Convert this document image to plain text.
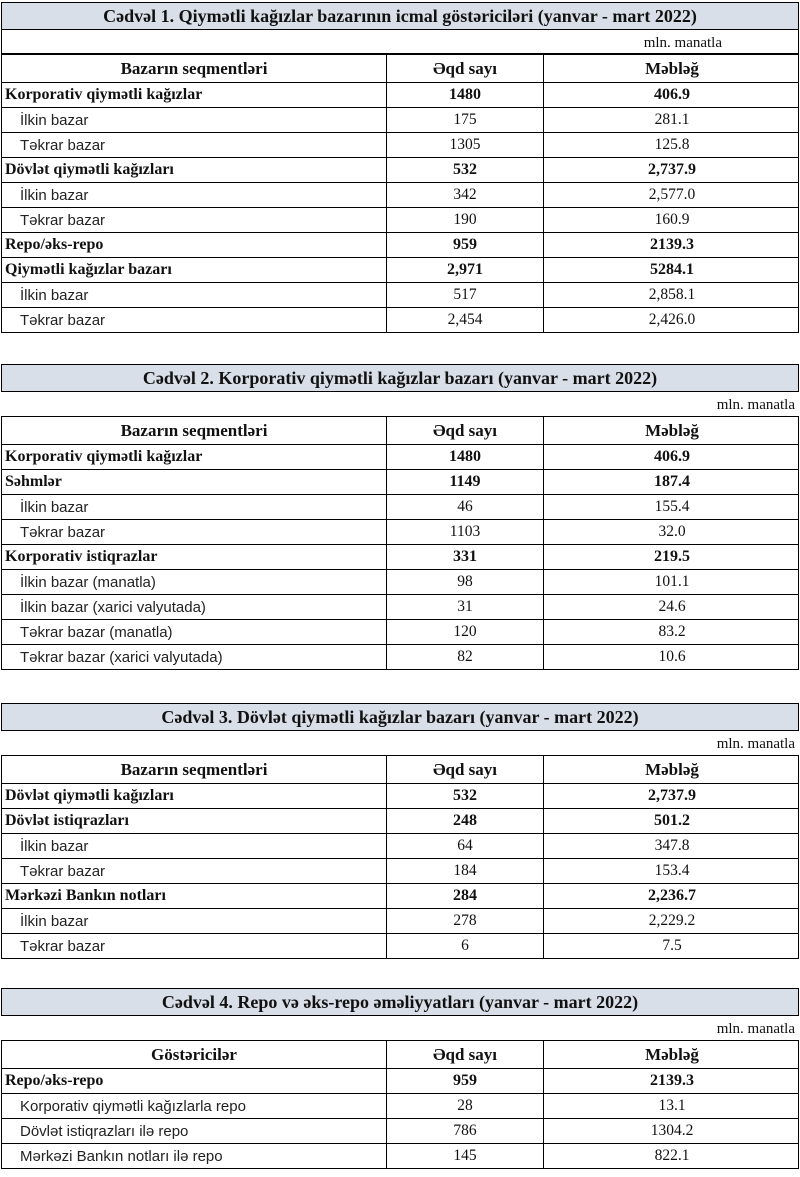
Cədvəl 1. Qiymətli kağızlar bazarının icmal göstəriciləri (yanvar - mart 2022)
mln. manatla
Bazarın seqmentləri	Əqd sayı	Məbləğ
Korporativ qiymətli kağızlar	1480	406.9
İlkin bazar	175	281.1
Təkrar bazar	1305	125.8
Dövlət qiymətli kağızları	532	2,737.9
İlkin bazar	342	2,577.0
Təkrar bazar	190	160.9
Repo/əks-repo	959	2139.3
Qiymətli kağızlar bazarı	2,971	5284.1
İlkin bazar	517	2,858.1
Təkrar bazar	2,454	2,426.0
Cədvəl 2. Korporativ qiymətli kağızlar bazarı (yanvar - mart 2022)
mln. manatla
Bazarın seqmentləri	Əqd sayı	Məbləğ
Korporativ qiymətli kağızlar	1480	406.9
Səhmlər	1149	187.4
İlkin bazar	46	155.4
Təkrar bazar	1103	32.0
Korporativ istiqrazlar	331	219.5
İlkin bazar (manatla)	98	101.1
İlkin bazar (xarici valyutada)	31	24.6
Təkrar bazar (manatla)	120	83.2
Təkrar bazar (xarici valyutada)	82	10.6
Cədvəl 3. Dövlət qiymətli kağızlar bazarı (yanvar - mart 2022)
mln. manatla
Bazarın seqmentləri	Əqd sayı	Məbləğ
Dövlət qiymətli kağızları	532	2,737.9
Dövlət istiqrazları	248	501.2
İlkin bazar	64	347.8
Təkrar bazar	184	153.4
Mərkəzi Bankın notları	284	2,236.7
İlkin bazar	278	2,229.2
Təkrar bazar	6	7.5
Cədvəl 4. Repo və əks-repo əməliyyatları (yanvar - mart 2022)
mln. manatla
Göstəricilər	Əqd sayı	Məbləğ
Repo/əks-repo	959	2139.3
Korporativ qiymətli kağızlarla repo	28	13.1
Dövlət istiqrazları ilə repo	786	1304.2
Mərkəzi Bankın notları ilə repo	145	822.1
